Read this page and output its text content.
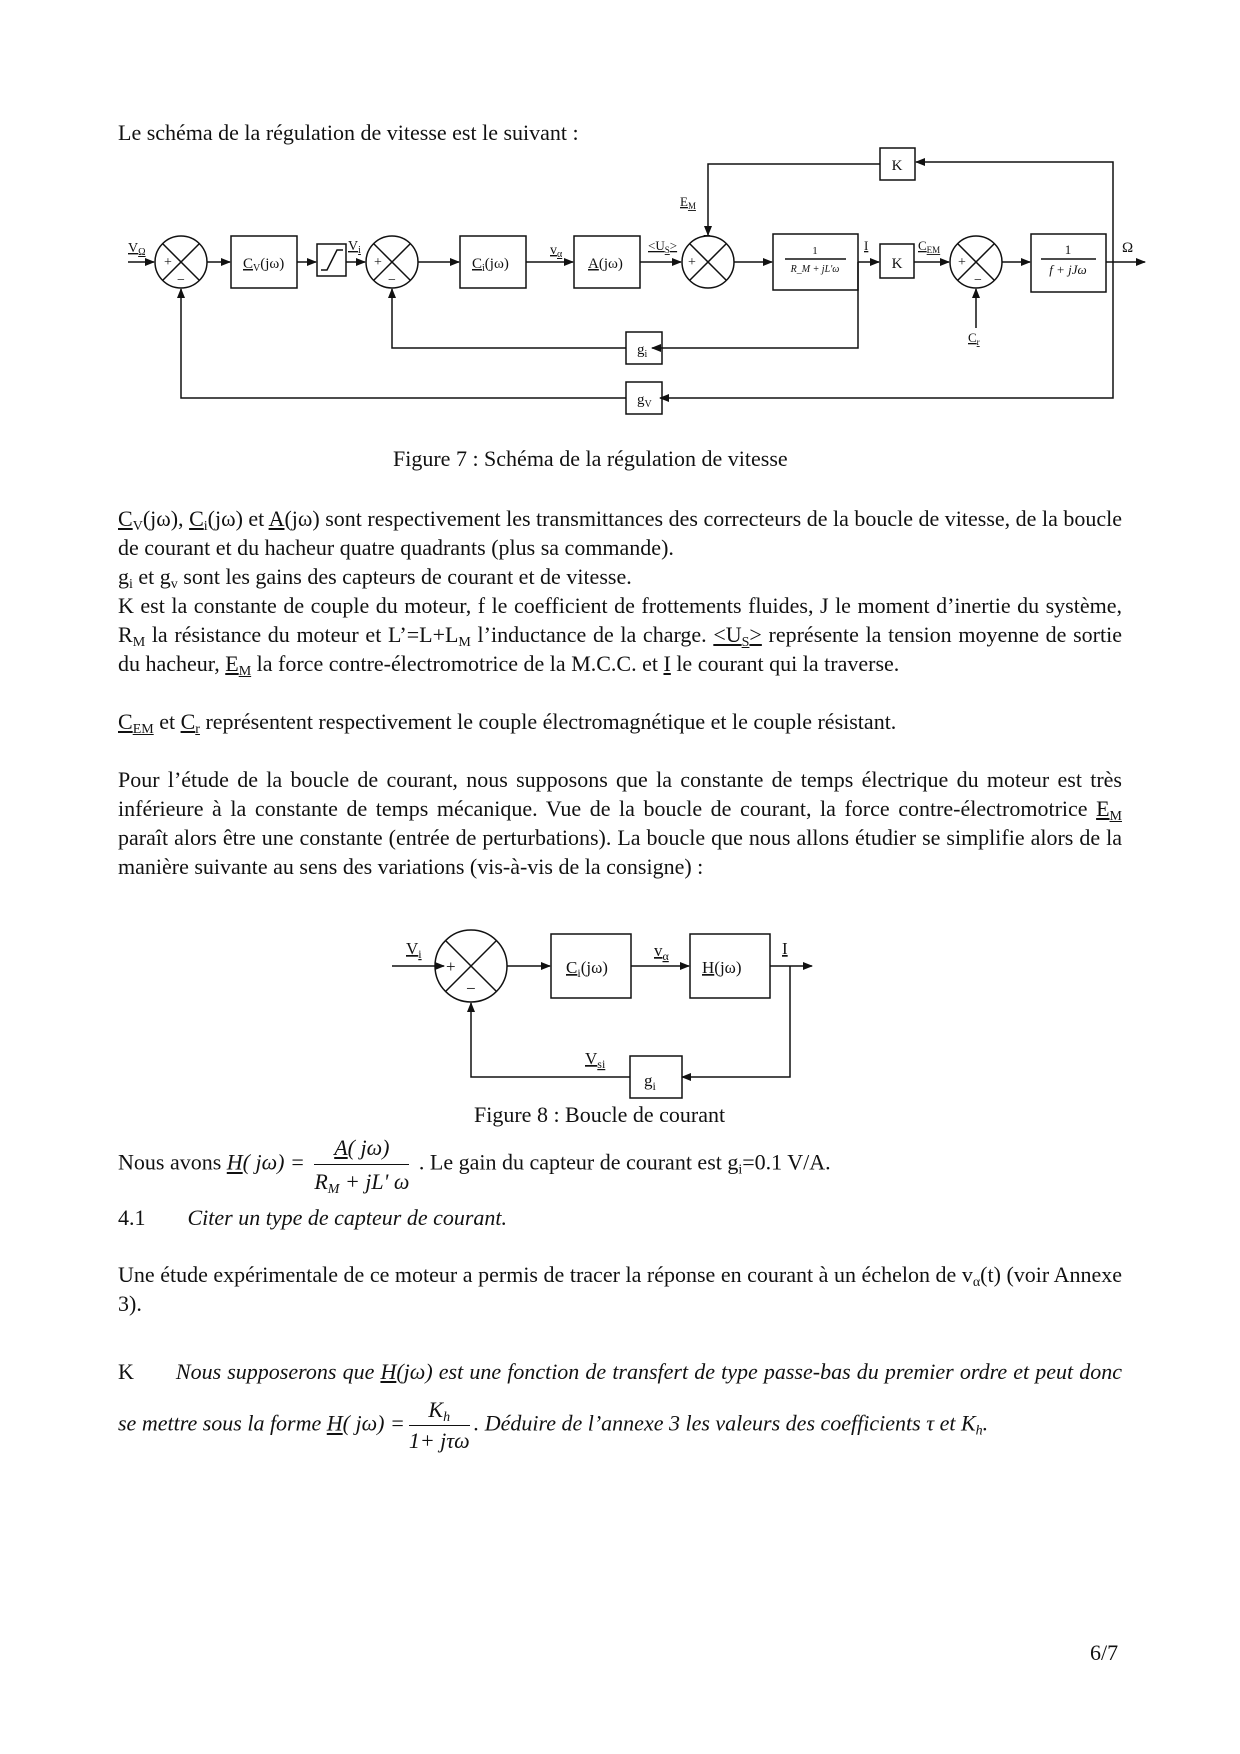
Le schéma de la régulation de vitesse est le suivant :

$V_\Omega$
+
−
$C_V(j\omega)$
$V_i$
+
−
$C_i(j\omega)$
$v_\alpha$
A(jω)
$<U_S>$
$E_M$
−
+
1
R_M + jL'ω
I
K
K
$C_{EM}$
+
−
$C_r$
1
f + jJω
Ω
$g_i$
$g_V$
$V_i$
+
−
$C_i(j\omega)$
$v_\alpha$
H(jω)
I
$V_{si}$
$g_i$
Figure 7 : Schéma de la régulation de vitesse

$C_V(j\omega)$, $C_i(j\omega)$ et A(jω) sont respectivement les transmittances des correcteurs de la boucle de vitesse, de la boucle de courant et du hacheur quatre quadrants (plus sa commande).

$g_i$ et $g_v$ sont les gains des capteurs de courant et de vitesse.

K est la constante de couple du moteur, f le coefficient de frottements fluides, J le moment d’inertie du système, $R_M$ la résistance du moteur et $L’=L+L_M$ l’inductance de la charge. $<U_S>$ représente la tension moyenne de sortie du hacheur, $E_M$ la force contre-électromotrice de la M.C.C. et I le courant qui la traverse.

$C_{EM}$ et $C_r$ représentent respectivement le couple électromagnétique et le couple résistant.

Pour l’étude de la boucle de courant, nous supposons que la constante de temps électrique du moteur est très inférieure à la constante de temps mécanique. Vue de la boucle de courant, la force contre-électromotrice $E_M$ paraît alors être une constante (entrée de perturbations). La boucle que nous allons étudier se simplifie alors de la manière suivante au sens des variations (vis-à-vis de la consigne) :

Figure 8 : Boucle de courant
Nous avons H( $j\omega) = \frac{A( j\omega)}{R_M + jL' \omega}$ . Le gain du capteur de courant est $g_i=0.1$ V/A.
4.1 Citer un type de capteur de courant.

Une étude expérimentale de ce moteur a permis de tracer la réponse en courant à un échelon de $v_\alpha(t)$ (voir Annexe 3).

K Nous supposerons que H(jω) est une fonction de transfert de type passe-bas du premier ordre et peut donc se mettre sous la forme H( $j\omega) = \frac{K_h}{\text{1+ jτω}}$ . Déduire de l’annexe 3 les valeurs des coefficients τ et $K_h$.
6/7
